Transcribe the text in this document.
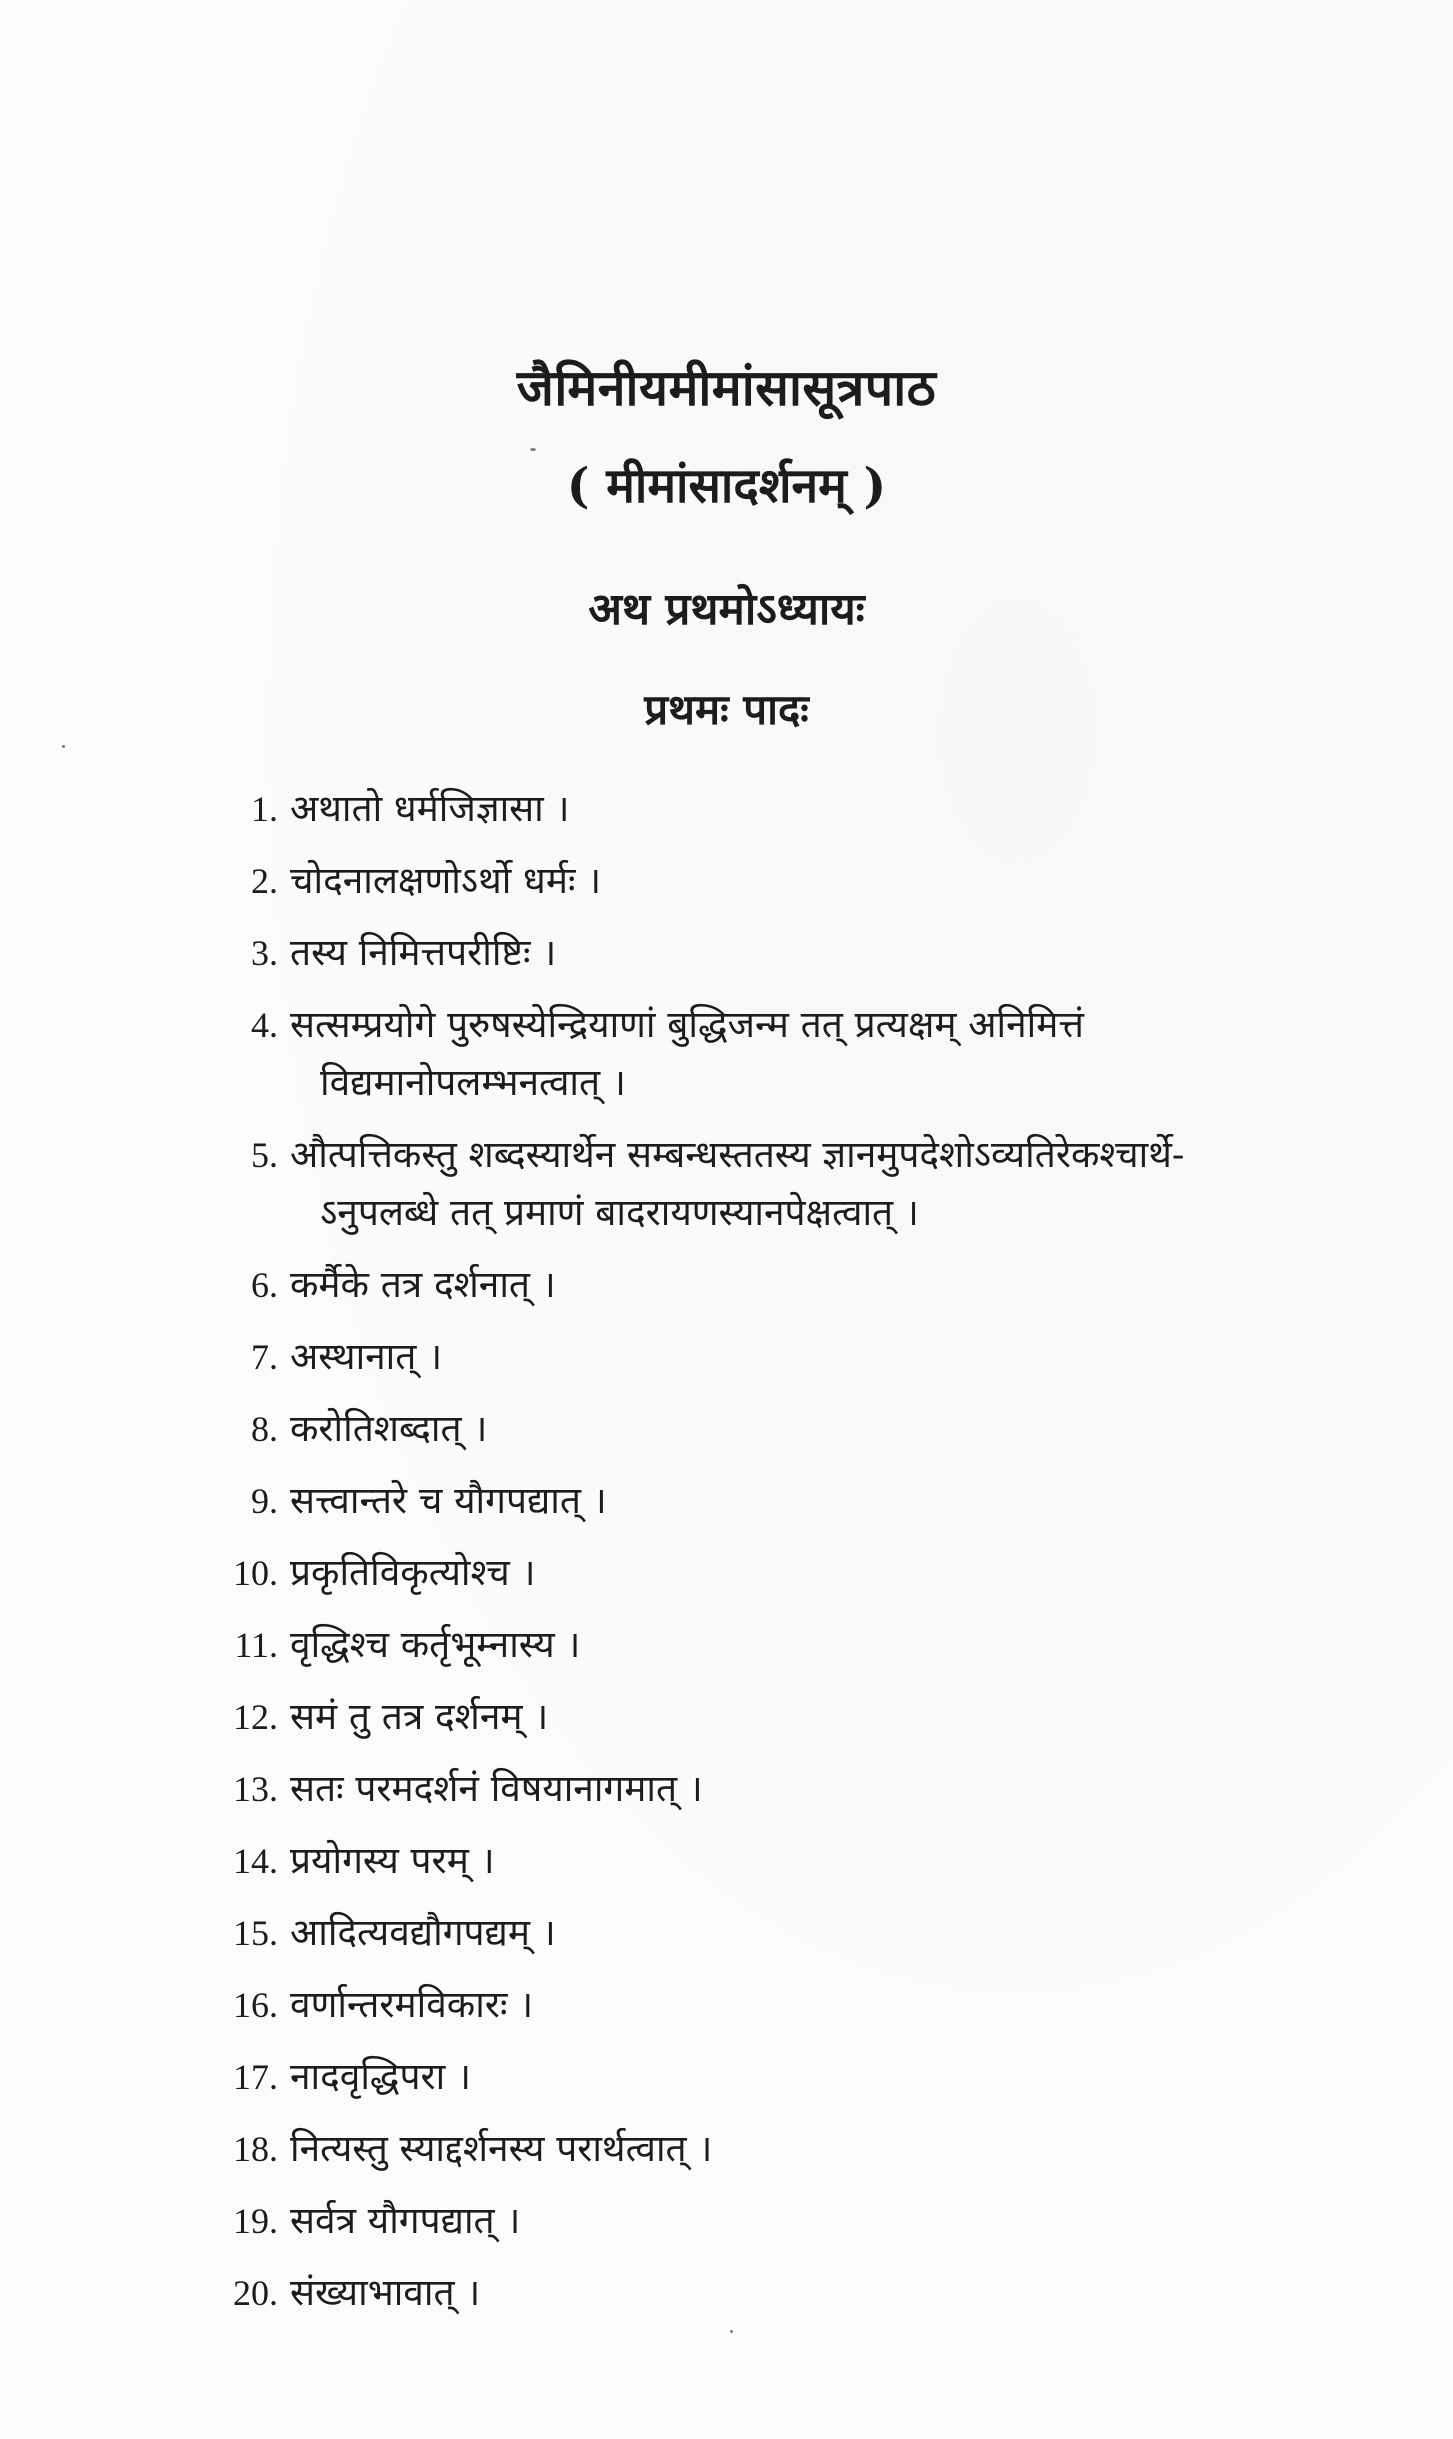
जैमिनीयमीमांसासूत्रपाठ
( मीमांसादर्शनम् )
अथ प्रथमोऽध्यायः
प्रथमः पादः
1. अथातो धर्मजिज्ञासा ।
2. चोदनालक्षणोऽर्थो धर्मः ।
3. तस्य निमित्तपरीष्टिः ।
4. सत्सम्प्रयोगे पुरुषस्येन्द्रियाणां बुद्धिजन्म तत् प्रत्यक्षम् अनिमित्तं
विद्यमानोपलम्भनत्वात् ।
5. औत्पत्तिकस्तु शब्दस्यार्थेन सम्बन्धस्ततस्य ज्ञानमुपदेशोऽव्यतिरेकश्चार्थे-
ऽनुपलब्धे तत् प्रमाणं बादरायणस्यानपेक्षत्वात् ।
6. कर्मैके तत्र दर्शनात् ।
7. अस्थानात् ।
8. करोतिशब्दात् ।
9. सत्त्वान्तरे च यौगपद्यात् ।
10. प्रकृतिविकृत्योश्च ।
11. वृद्धिश्च कर्तृभूम्नास्य ।
12. समं तु तत्र दर्शनम् ।
13. सतः परमदर्शनं विषयानागमात् ।
14. प्रयोगस्य परम् ।
15. आदित्यवद्यौगपद्यम् ।
16. वर्णान्तरमविकारः ।
17. नादवृद्धिपरा ।
18. नित्यस्तु स्याद्दर्शनस्य परार्थत्वात् ।
19. सर्वत्र यौगपद्यात् ।
20. संख्याभावात् ।
